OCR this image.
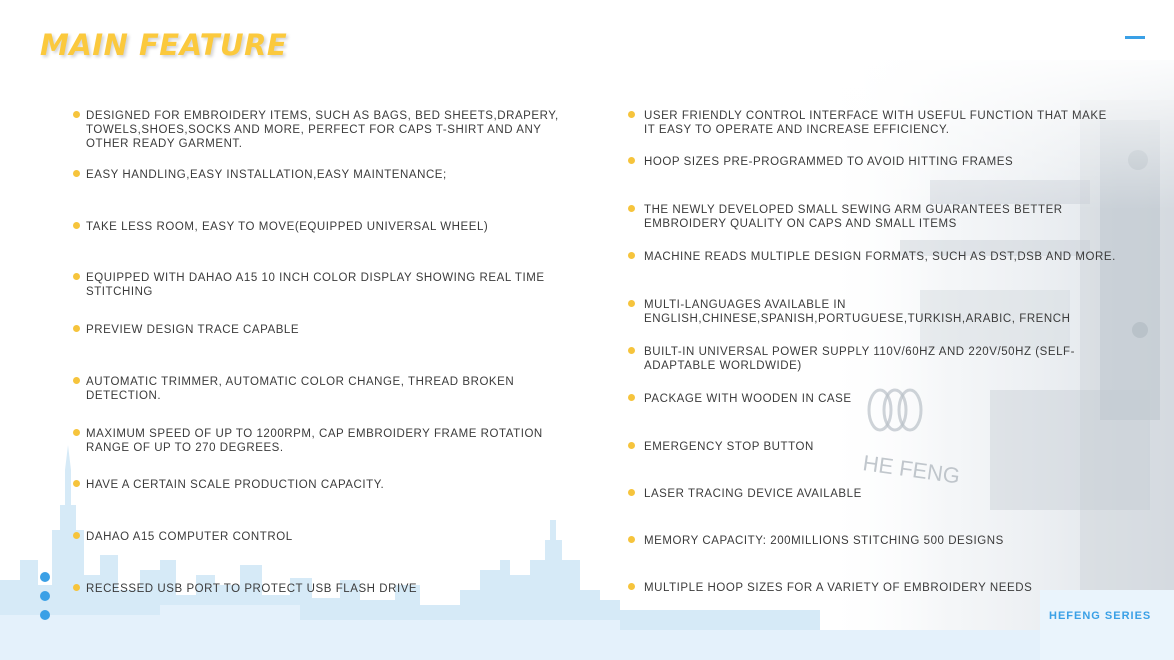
HE FENG
MAIN FEATURE
DESIGNED FOR EMBROIDERY ITEMS, SUCH AS BAGS, BED SHEETS,DRAPERY, TOWELS,SHOES,SOCKS AND MORE, PERFECT FOR CAPS T-SHIRT AND ANY OTHER READY GARMENT.
EASY HANDLING,EASY INSTALLATION,EASY MAINTENANCE;
TAKE LESS ROOM, EASY TO MOVE(EQUIPPED UNIVERSAL WHEEL)
EQUIPPED WITH DAHAO A15 10 INCH COLOR DISPLAY SHOWING REAL TIME STITCHING
PREVIEW DESIGN TRACE CAPABLE
AUTOMATIC TRIMMER, AUTOMATIC COLOR CHANGE, THREAD BROKEN DETECTION.
MAXIMUM SPEED OF UP TO 1200RPM, CAP EMBROIDERY FRAME ROTATION RANGE OF UP TO 270 DEGREES.
HAVE A CERTAIN SCALE PRODUCTION CAPACITY.
DAHAO A15 COMPUTER CONTROL
RECESSED USB PORT TO PROTECT USB FLASH DRIVE
USER FRIENDLY CONTROL INTERFACE WITH USEFUL FUNCTION THAT MAKE IT EASY TO OPERATE AND INCREASE EFFICIENCY.
HOOP SIZES PRE-PROGRAMMED TO AVOID HITTING FRAMES
THE NEWLY DEVELOPED SMALL SEWING ARM GUARANTEES BETTER EMBROIDERY QUALITY ON CAPS AND SMALL ITEMS
MACHINE READS MULTIPLE DESIGN FORMATS, SUCH AS DST,DSB AND MORE.
MULTI-LANGUAGES AVAILABLE IN ENGLISH,CHINESE,SPANISH,PORTUGUESE,TURKISH,ARABIC, FRENCH
BUILT-IN UNIVERSAL POWER SUPPLY 110V/60HZ AND 220V/50HZ (SELF-ADAPTABLE WORLDWIDE)
PACKAGE WITH WOODEN IN CASE
EMERGENCY STOP BUTTON
LASER TRACING DEVICE AVAILABLE
MEMORY CAPACITY: 200MILLIONS STITCHING 500 DESIGNS
MULTIPLE HOOP SIZES FOR A VARIETY OF EMBROIDERY NEEDS
HEFENG SERIES
